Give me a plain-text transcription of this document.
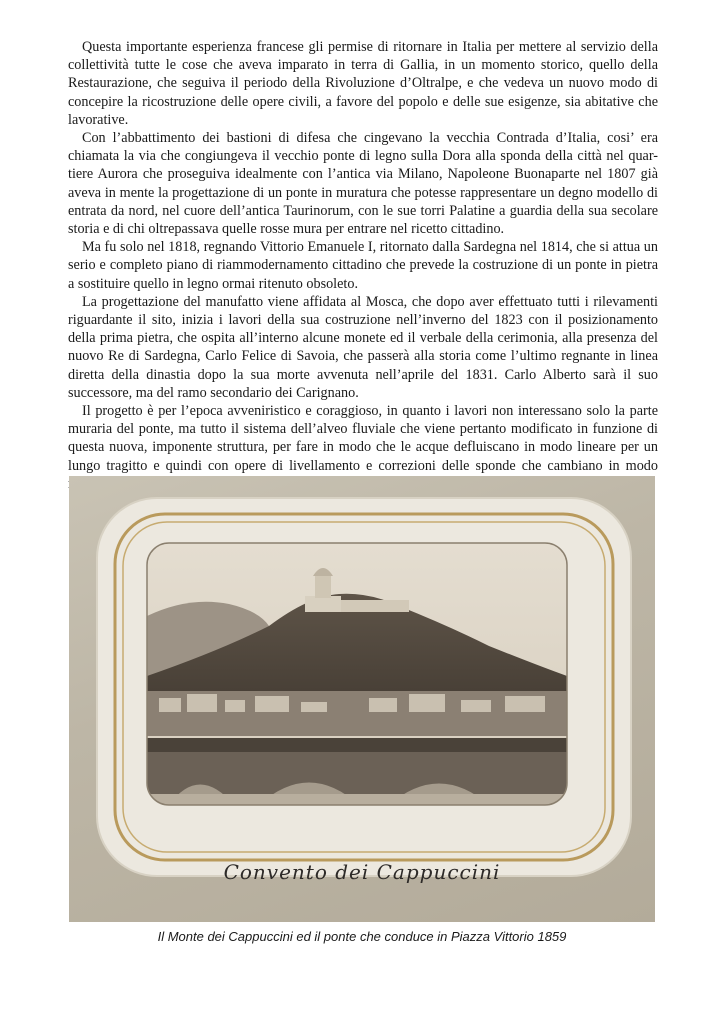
Questa importante esperienza francese gli permise di ritornare in Italia per mettere al servizio della collettività tutte le cose che aveva imparato in terra di Gallia, in un momento storico, quello della Restaurazione, che seguiva il periodo della Rivoluzione d’Oltralpe, e che vedeva un nuovo modo di concepire la ricostruzione delle opere civili, a favore del popolo e delle sue esigenze, sia abitative che lavorative.

Con l’abbattimento dei bastioni di difesa che cingevano la vecchia Contrada d’Italia, cosi’ era chiamata la via che congiungeva il vecchio ponte di legno sulla Dora alla sponda della città nel quar-tiere Aurora che proseguiva idealmente con l’antica via Milano, Napoleone Buonaparte nel 1807 già aveva in mente la progettazione di un ponte in muratura che potesse rappresentare un degno modello di entrata da nord, nel cuore dell’antica Taurinorum, con le sue torri Palatine a guardia della sua secolare storia e di chi oltrepassava quelle rosse mura per entrare nel ricetto cittadino.

Ma fu solo nel 1818, regnando Vittorio Emanuele I, ritornato dalla Sardegna nel 1814, che si attua un serio e completo piano di riammodernamento cittadino che prevede la costruzione di un ponte in pietra a sostituire quello in legno ormai ritenuto obsoleto.

La progettazione del manufatto viene affidata al Mosca, che dopo aver effettuato tutti i rilevamenti riguardante il sito, inizia i lavori della sua costruzione nell’inverno del 1823 con il posizionamento della prima pietra, che ospita all’interno alcune monete ed il verbale della cerimonia, alla presenza del nuovo Re di Sardegna, Carlo Felice di Savoia, che passerà alla storia come l’ultimo regnante in linea diretta della dinastia dopo la sua morte avvenuta nell’aprile del 1831. Carlo Alberto sarà il suo successore, ma del ramo secondario dei Carignano.

Il progetto è per l’epoca avveniristico e coraggioso, in quanto i lavori non interessano solo la parte muraria del ponte, ma tutto il sistema dell’alveo fluviale che viene pertanto modificato in funzione di questa nuova, imponente struttura, per fare in modo che le acque defluiscano in modo lineare per un lungo tragitto e quindi con opere di livellamento e correzioni delle sponde che cambiano in modo

Convento dei Cappuccini
Il Monte dei Cappuccini ed il ponte che conduce in Piazza Vittorio 1859
